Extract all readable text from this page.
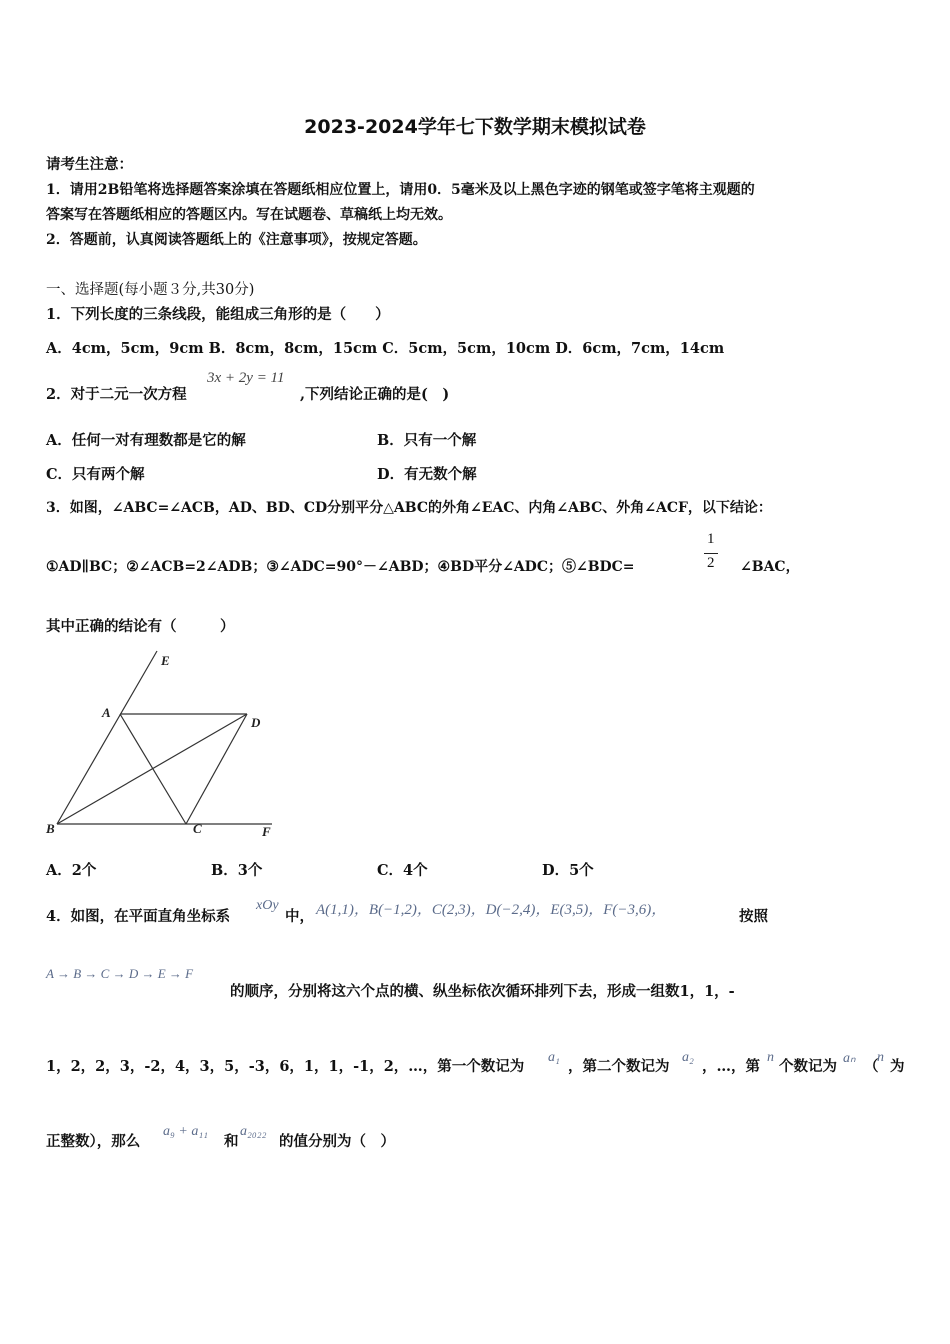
2023-2024学年七下数学期末模拟试卷
请考生注意：
1．请用2B铅笔将选择题答案涂填在答题纸相应位置上，请用0．5毫米及以上黑色字迹的钢笔或签字笔将主观题的
答案写在答题纸相应的答题区内。写在试题卷、草稿纸上均无效。
2．答题前，认真阅读答题纸上的《注意事项》，按规定答题。
一、选择题(每小题３分,共30分)
1．下列长度的三条线段，能组成三角形的是（　　）
A．4cm，5cm，9cm B．8cm，8cm，15cm C．5cm，5cm，10cm D．6cm，7cm，14cm
2．对于二元一次方程
3x + 2y = 11
,下列结论正确的是(　)
A．任何一对有理数都是它的解	B．只有一个解
C．只有两个解	D．有无数个解
3．如图，∠ABC=∠ACB，AD、BD、CD分别平分△ABC的外角∠EAC、内角∠ABC、外角∠ACF，以下结论：
①AD∥BC；②∠ACB=2∠ADB；③∠ADC=90°－∠ABD；④BD平分∠ADC；⑤∠BDC=
1
2 ∠BAC，
其中正确的结论有（　　　）
E
A
D
B	C	F
A．2个	B．3个	C．4个	D．5个
4．如图，在平面直角坐标系
xOy
中， A(1,1)，B(−1,2)，C(2,3)，D(−2,4)，E(3,5)，F(−3,6)，	按照
A → B → C → D → E → F
的顺序，分别将这六个点的横、纵坐标依次循环排列下去，形成一组数1，1，-
1，2，2，3，-2，4，3，5，-3，6，1，1，-1，2，…，第一个数记为
a₁
，第二个数记为
a₂
，…，第
n
个数记为 aₙ （
n
为
正整数），那么
a₉ + a₁₁
和
a₂₀₂₂
的值分别为（　）
